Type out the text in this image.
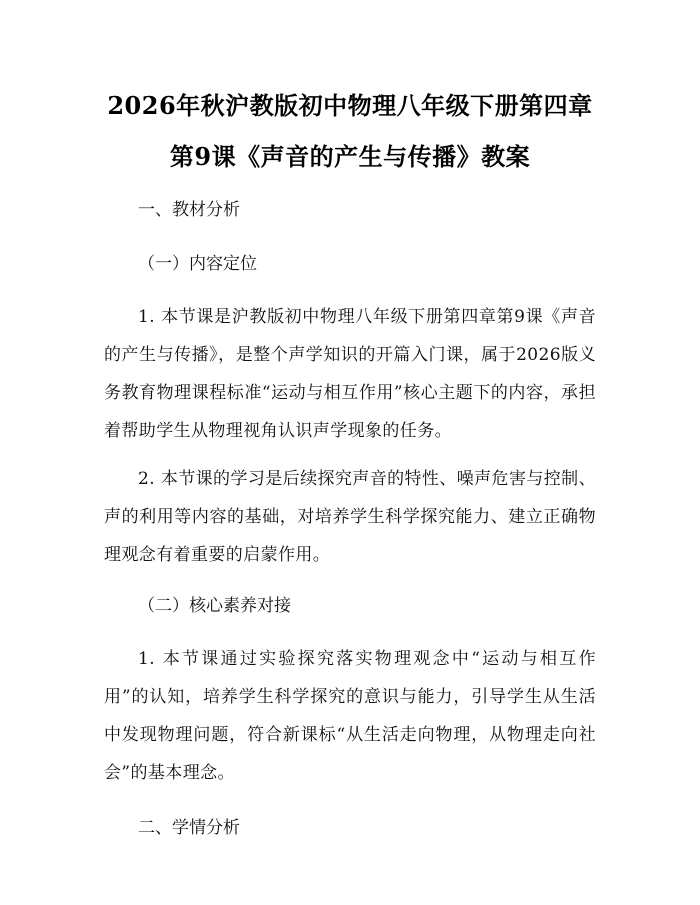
2026年秋沪教版初中物理八年级下册第四章
第9课《声音的产生与传播》教案

一、教材分析

（一）内容定位

1. 本节课是沪教版初中物理八年级下册第四章第9课《声音的产生与传播》，是整个声学知识的开篇入门课，属于2026版义务教育物理课程标准“运动与相互作用”核心主题下的内容，承担着帮助学生从物理视角认识声学现象的任务。

2. 本节课的学习是后续探究声音的特性、噪声危害与控制、声的利用等内容的基础，对培养学生科学探究能力、建立正确物理观念有着重要的启蒙作用。

（二）核心素养对接

1. 本节课通过实验探究落实物理观念中“运动与相互作用”的认知，培养学生科学探究的意识与能力，引导学生从生活中发现物理问题，符合新课标“从生活走向物理，从物理走向社会”的基本理念。

二、学情分析
